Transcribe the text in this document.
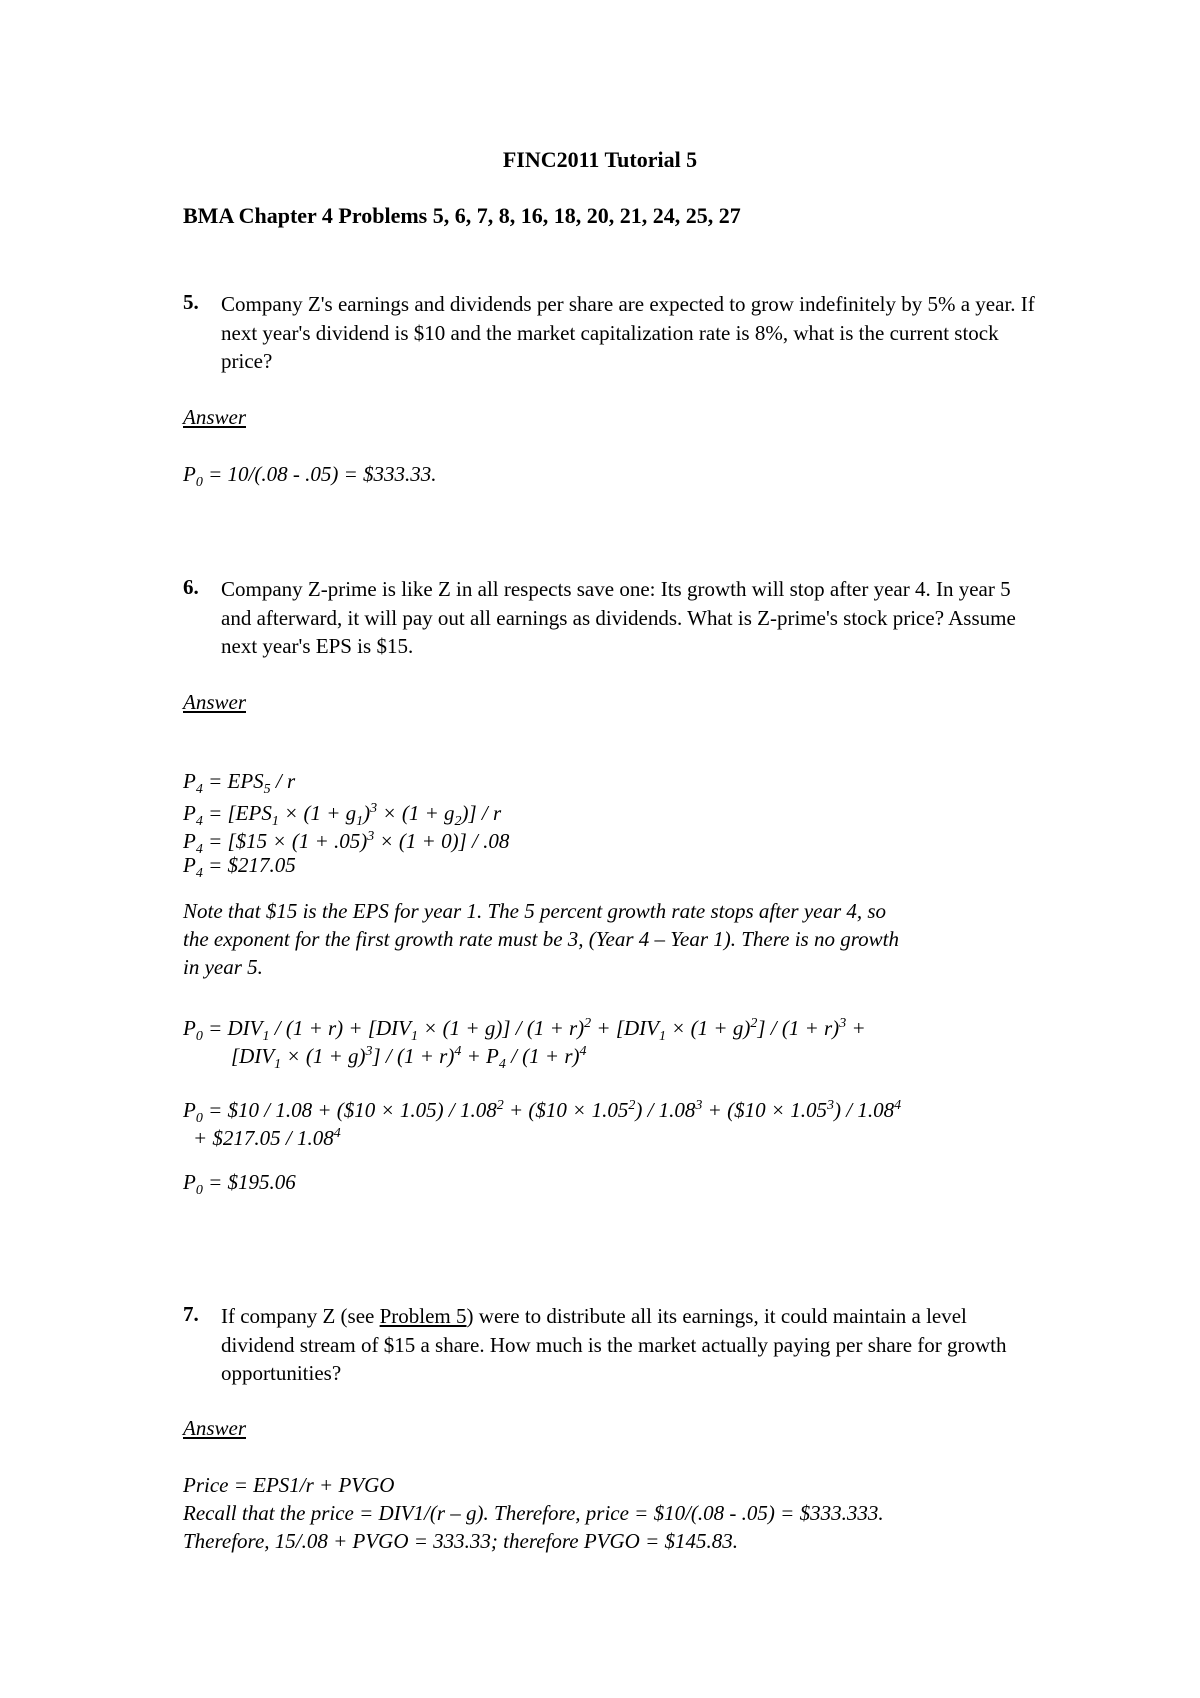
FINC2011 Tutorial 5
BMA Chapter 4 Problems 5, 6, 7, 8, 16, 18, 20, 21, 24, 25, 27
5. Company Z's earnings and dividends per share are expected to grow indefinitely by 5% a year. If next year's dividend is $10 and the market capitalization rate is 8%, what is the current stock price?
Answer
$P_0 = 10/(.08 - .05)$ = $333.33.
6. Company Z-prime is like Z in all respects save one: Its growth will stop after year 4. In year 5 and afterward, it will pay out all earnings as dividends. What is Z-prime's stock price? Assume next year's EPS is $15.
Answer
$P_4 = EPS_5 / r$
$P_4 = [EPS_1 \times (1 + g_1)^3 \times (1 + g_2)] / r$
$P_4$ = [$15 × $(1 + .05)^3 \times (1 + 0)] / .08$
$P_4$ = $217.05
Note that $15 is the EPS for year 1. The 5 percent growth rate stops after year 4, so
the exponent for the first growth rate must be 3, (Year 4 – Year 1). There is no growth
in year 5.
$P_0 = DIV_1 / (1 + r) + [DIV_1 \times (1 + g)] / (1 + r)^2 + [DIV_1 \times (1 + g)^2] / (1 + r)^3$ +
$[DIV_1 \times (1 + g)^3] / (1 + r)^4 + P_4 / (1 + r)^4$
$P_0$ = $10 / 1.08 + ($10 × $1.05) / 1.08^2$ + ($10 × $1.05^2) / 1.08^3$ + ($10 × $1.05^3) / 1.08^4$
+ $217.05 / 1.08$^4$
$P_0$ = $195.06
7. If company Z (see Problem 5) were to distribute all its earnings, it could maintain a level dividend stream of $15 a share. How much is the market actually paying per share for growth opportunities?
Answer
Price = EPS1/r + PVGO
Recall that the price = DIV1/(r – g). Therefore, price = $10/(.08 - .05) = $333.333.
Therefore, 15/.08 + PVGO = 333.33; therefore PVGO = $145.83.
